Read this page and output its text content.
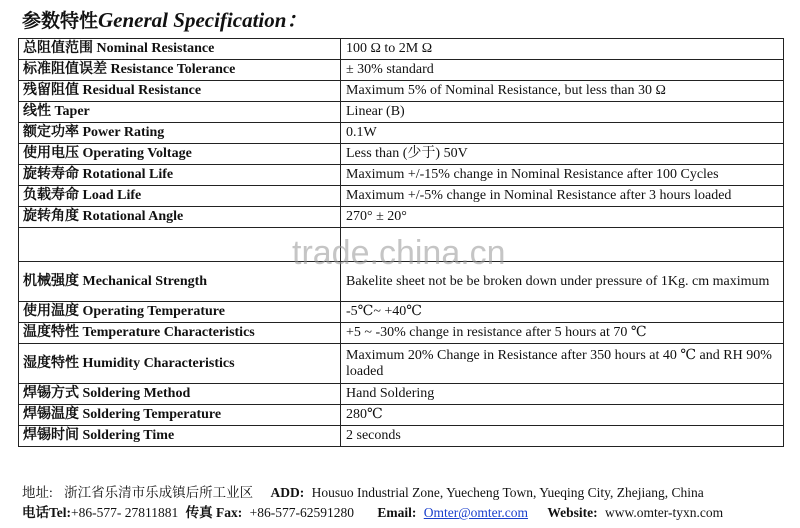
参数特性General Specification：
总阻值范围 Nominal Resistance	100 Ω to 2M Ω
标准阻值误差 Resistance Tolerance	± 30% standard
残留阻值 Residual Resistance	Maximum 5% of Nominal Resistance, but less than 30 Ω
线性 Taper	Linear (B)
额定功率 Power Rating	0.1W
使用电压 Operating Voltage	Less than (少于) 50V
旋转寿命 Rotational Life	Maximum +/-15% change in Nominal Resistance after 100 Cycles
负载寿命 Load Life	Maximum +/-5% change in Nominal Resistance after 3 hours loaded
旋转角度 Rotational Angle	270° ± 20°

机械强度 Mechanical Strength	Bakelite sheet not be be broken down under pressure of 1Kg. cm maximum
使用温度 Operating Temperature	-5℃~ +40℃
温度特性 Temperature Characteristics	+5 ~ -30% change in resistance after 5 hours at 70 ℃
湿度特性 Humidity Characteristics	Maximum 20% Change in Resistance after 350 hours at 40 ℃ and RH 90% loaded
焊锡方式 Soldering Method	Hand Soldering
焊锡温度 Soldering Temperature	280℃
焊锡时间 Soldering Time	2 seconds
trade.china.cn
地址: 浙江省乐清市乐成镇后所工业区 ADD: Housuo Industrial Zone, Yuecheng Town, Yueqing City, Zhejiang, China
电话Tel:+86-577- 27811881 传真 Fax: +86-577-62591280 Email: Omter@omter.com Website: www.omter-tyxn.com
